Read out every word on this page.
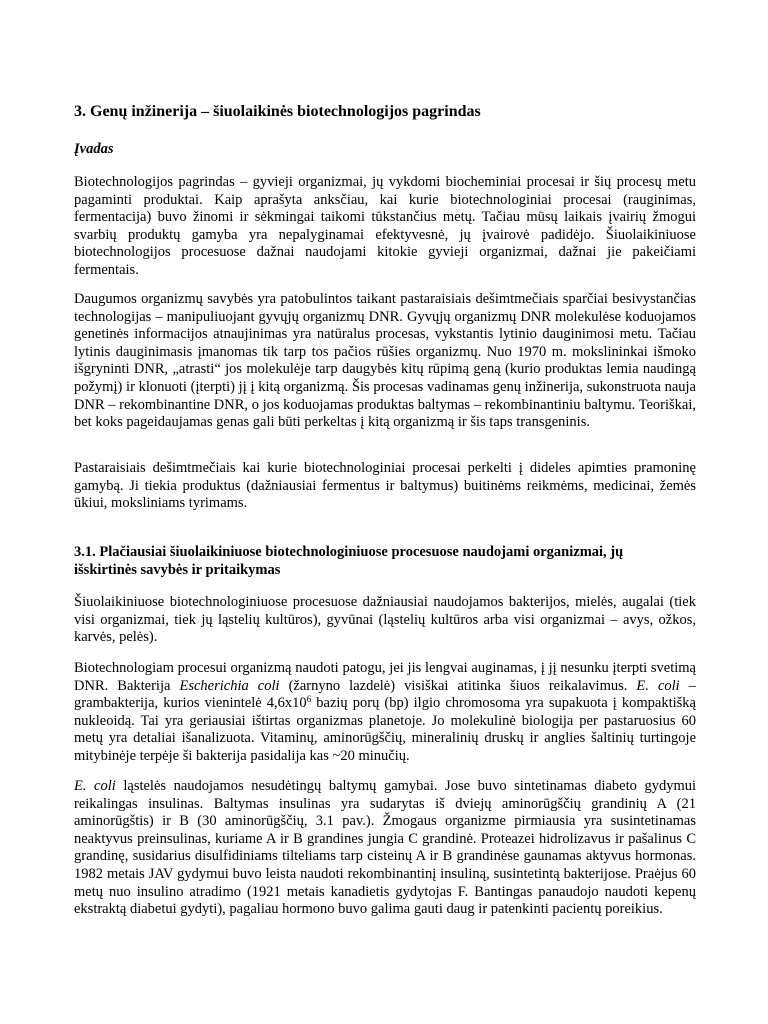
3. Genų inžinerija – šiuolaikinės biotechnologijos pagrindas
Įvadas

Biotechnologijos pagrindas – gyvieji organizmai, jų vykdomi biocheminiai procesai ir šių procesų metu pagaminti produktai. Kaip aprašyta anksčiau, kai kurie biotechnologiniai procesai (rauginimas, fermentacija) buvo žinomi ir sėkmingai taikomi tūkstančius metų. Tačiau mūsų laikais įvairių žmogui svarbių produktų gamyba yra nepalyginamai efektyvesnė, jų įvairovė padidėjo. Šiuolaikiniuose biotechnologijos procesuose dažnai naudojami kitokie gyvieji organizmai, dažnai jie pakeičiami fermentais.

Daugumos organizmų savybės yra patobulintos taikant pastaraisiais dešimtmečiais sparčiai besivystančias technologijas – manipuliuojant gyvųjų organizmų DNR. Gyvųjų organizmų DNR molekulėse koduojamos genetinės informacijos atnaujinimas yra natūralus procesas, vykstantis lytinio dauginimosi metu. Tačiau lytinis dauginimasis įmanomas tik tarp tos pačios rūšies organizmų. Nuo 1970 m. mokslininkai išmoko išgryninti DNR, „atrasti“ jos molekulėje tarp daugybės kitų rūpimą geną (kurio produktas lemia naudingą požymį) ir klonuoti (įterpti) jį į kitą organizmą. Šis procesas vadinamas genų inžinerija, sukonstruota nauja DNR – rekombinantine DNR, o jos koduojamas produktas baltymas – rekombinantiniu baltymu. Teoriškai, bet koks pageidaujamas genas gali būti perkeltas į kitą organizmą ir šis taps transgeninis.

Pastaraisiais dešimtmečiais kai kurie biotechnologiniai procesai perkelti į dideles apimties pramoninę gamybą. Ji tiekia produktus (dažniausiai fermentus ir baltymus) buitinėms reikmėms, medicinai, žemės ūkiui, moksliniams tyrimams.

3.1. Plačiausiai šiuolaikiniuose biotechnologiniuose procesuose naudojami organizmai, jų išskirtinės savybės ir pritaikymas

Šiuolaikiniuose biotechnologiniuose procesuose dažniausiai naudojamos bakterijos, mielės, augalai (tiek visi organizmai, tiek jų ląstelių kultūros), gyvūnai (ląstelių kultūros arba visi organizmai – avys, ožkos, karvės, pelės).

Biotechnologiam procesui organizmą naudoti patogu, jei jis lengvai auginamas, į jį nesunku įterpti svetimą DNR. Bakterija Escherichia coli (žarnyno lazdelė) visiškai atitinka šiuos reikalavimus. E. coli – grambakterija, kurios vienintelė $4,6x10^6$ bazių porų (bp) ilgio chromosoma yra supakuota į kompaktišką nukleoidą. Tai yra geriausiai ištirtas organizmas planetoje. Jo molekulinė biologija per pastaruosius 60 metų yra detaliai išanalizuota. Vitaminų, aminorūgščių, mineralinių druskų ir anglies šaltinių turtingoje mitybinėje terpėje ši bakterija pasidalija kas ~20 minučių.

E. coli ląstelės naudojamos nesudėtingų baltymų gamybai. Jose buvo sintetinamas diabeto gydymui reikalingas insulinas. Baltymas insulinas yra sudarytas iš dviejų aminorūgščių grandinių A (21 aminorūgštis) ir B (30 aminorūgščių, 3.1 pav.). Žmogaus organizme pirmiausia yra susintetinamas neaktyvus preinsulinas, kuriame A ir B grandines jungia C grandinė. Proteazei hidrolizavus ir pašalinus C grandinę, susidarius disulfidiniams tilteliams tarp cisteinų A ir B grandinėse gaunamas aktyvus hormonas. 1982 metais JAV gydymui buvo leista naudoti rekombinantinį insuliną, susintetintą bakterijose. Praėjus 60 metų nuo insulino atradimo (1921 metais kanadietis gydytojas F. Bantingas panaudojo naudoti kepenų ekstraktą diabetui gydyti), pagaliau hormono buvo galima gauti daug ir patenkinti pacientų poreikius.
